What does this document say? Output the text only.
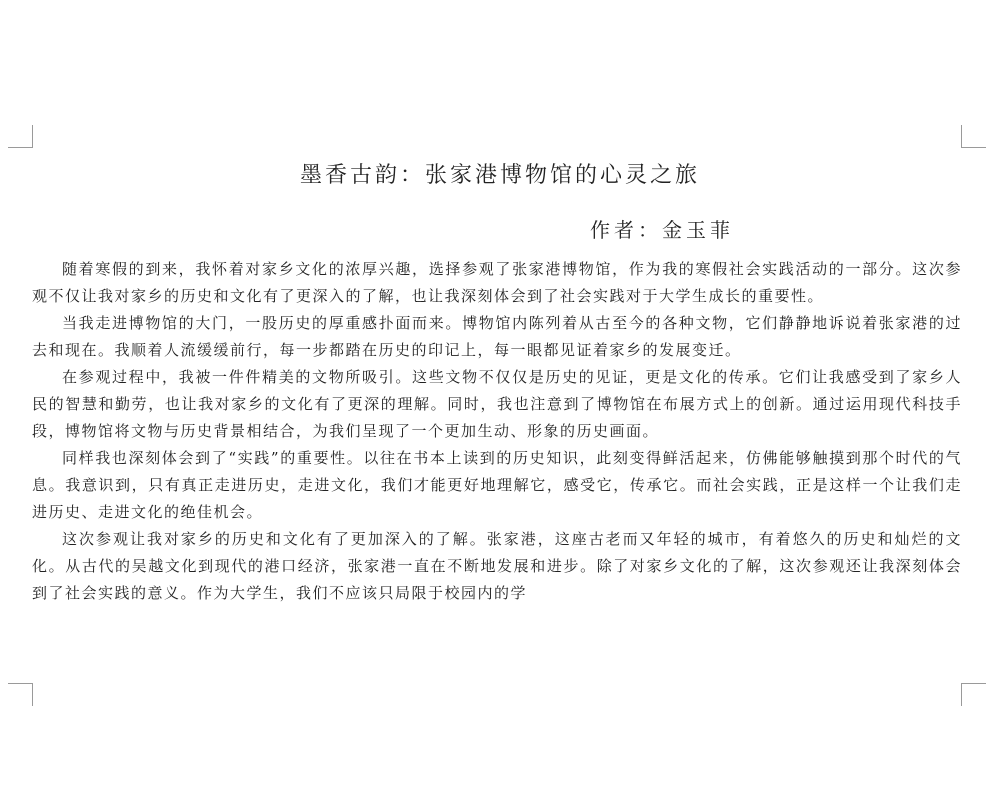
墨香古韵：张家港博物馆的心灵之旅
作者：金玉菲

随着寒假的到来，我怀着对家乡文化的浓厚兴趣，选择参观了张家港博物馆，作为我的寒假社会实践活动的一部分。这次参观不仅让我对家乡的历史和文化有了更深入的了解，也让我深刻体会到了社会实践对于大学生成长的重要性。

当我走进博物馆的大门，一股历史的厚重感扑面而来。博物馆内陈列着从古至今的各种文物，它们静静地诉说着张家港的过去和现在。我顺着人流缓缓前行，每一步都踏在历史的印记上，每一眼都见证着家乡的发展变迁。

在参观过程中，我被一件件精美的文物所吸引。这些文物不仅仅是历史的见证，更是文化的传承。它们让我感受到了家乡人民的智慧和勤劳，也让我对家乡的文化有了更深的理解。同时，我也注意到了博物馆在布展方式上的创新。通过运用现代科技手段，博物馆将文物与历史背景相结合，为我们呈现了一个更加生动、形象的历史画面。

同样我也深刻体会到了“实践”的重要性。以往在书本上读到的历史知识，此刻变得鲜活起来，仿佛能够触摸到那个时代的气息。我意识到，只有真正走进历史，走进文化，我们才能更好地理解它，感受它，传承它。而社会实践，正是这样一个让我们走进历史、走进文化的绝佳机会。

这次参观让我对家乡的历史和文化有了更加深入的了解。张家港，这座古老而又年轻的城市，有着悠久的历史和灿烂的文化。从古代的吴越文化到现代的港口经济，张家港一直在不断地发展和进步。除了对家乡文化的了解，这次参观还让我深刻体会到了社会实践的意义。作为大学生，我们不应该只局限于校园内的学
